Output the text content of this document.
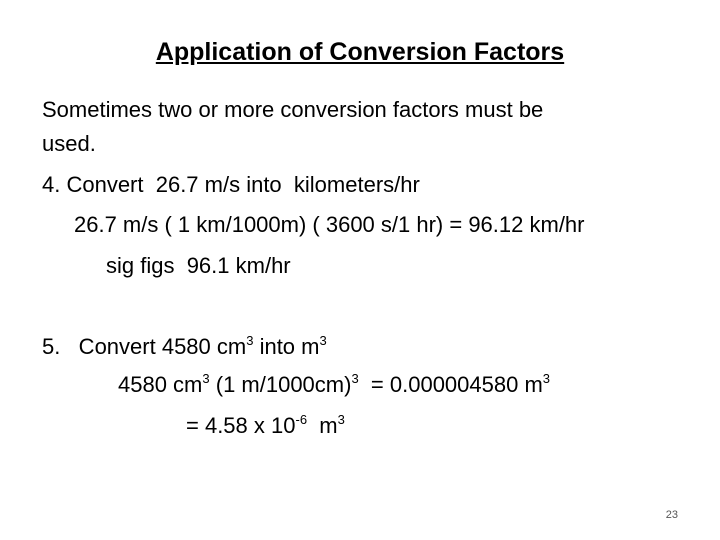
Application of Conversion Factors
Sometimes two or more conversion factors must be
used.
4. Convert  26.7 m/s into  kilometers/hr
26.7 m/s ( 1 km/1000m) ( 3600 s/1 hr) = 96.12 km/hr
sig figs  96.1 km/hr
5.   Convert 4580 $cm^3$ into $m^3$
4580 $cm^3$ (1 m/1000cm)$^3$  = 0.000004580 $m^3$
= 4.58 x $10^{-6}$  $m^3$
23
